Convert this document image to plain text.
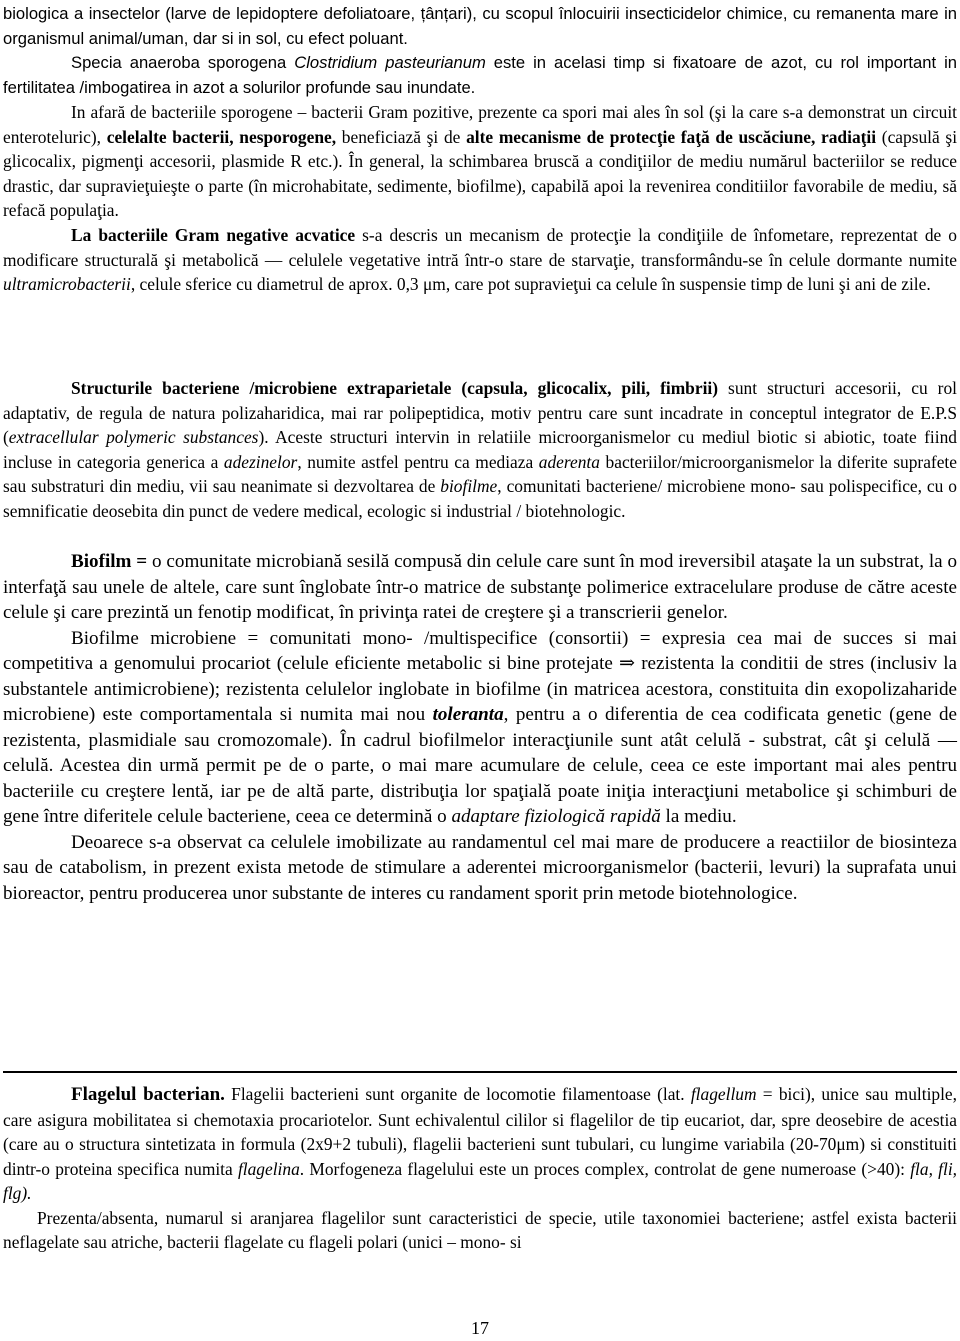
biologica a insectelor (larve de lepidoptere defoliatoare, țânțari), cu scopul înlocuirii insecticidelor chimice, cu remanenta mare in organismul animal/uman, dar si in sol, cu efect poluant.

Specia anaeroba sporogena Clostridium pasteurianum este in acelasi timp si fixatoare de azot, cu rol important in fertilitatea /imbogatirea in azot a solurilor profunde sau inundate.

In afară de bacteriile sporogene – bacterii Gram pozitive, prezente ca spori mai ales în sol (şi la care s-a demonstrat un circuit enteroteluric), celelalte bacterii, nesporogene, beneficiază şi de alte mecanisme de protecţie faţă de uscăciune, radiaţii (capsulă şi glicocalix, pigmenţi accesorii, plasmide R etc.). În general, la schimbarea bruscă a condiţiilor de mediu numărul bacteriilor se reduce drastic, dar supravieţuieşte o parte (în microhabitate, sedimente, biofilme), capabilă apoi la revenirea conditiilor favorabile de mediu, să refacă populaţia.

La bacteriile Gram negative acvatice s-a descris un mecanism de protecţie la condiţiile de înfometare, reprezentat de o modificare structurală şi metabolică — celulele vegetative intră într-o stare de starvaţie, transformându-se în celule dormante numite ultramicrobacterii, celule sferice cu diametrul de aprox. 0,3 μm, care pot supravieţui ca celule în suspensie timp de luni şi ani de zile.

Structurile bacteriene /microbiene extraparietale (capsula, glicocalix, pili, fimbrii) sunt structuri accesorii, cu rol adaptativ, de regula de natura polizaharidica, mai rar polipeptidica, motiv pentru care sunt incadrate in conceptul integrator de E.P.S (extracellular polymeric substances). Aceste structuri intervin in relatiile microorganismelor cu mediul biotic si abiotic, toate fiind incluse in categoria generica a adezinelor, numite astfel pentru ca mediaza aderenta bacteriilor/microorganismelor la diferite suprafete sau substraturi din mediu, vii sau neanimate si dezvoltarea de biofilme, comunitati bacteriene/ microbiene mono- sau polispecifice, cu o semnificatie deosebita din punct de vedere medical, ecologic si industrial / biotehnologic.

Biofilm = o comunitate microbiană sesilă compusă din celule care sunt în mod ireversibil ataşate la un substrat, la o interfaţă sau unele de altele, care sunt înglobate într-o matrice de substanţe polimerice extracelulare produse de către aceste celule şi care prezintă un fenotip modificat, în privinţa ratei de creştere şi a transcrierii genelor.

Biofilme microbiene = comunitati mono- /multispecifice (consortii) = expresia cea mai de succes si mai competitiva a genomului procariot (celule eficiente metabolic si bine protejate ⇒ rezistenta la conditii de stres (inclusiv la substantele antimicrobiene); rezistenta celulelor inglobate in biofilme (in matricea acestora, constituita din exopolizaharide microbiene) este comportamentala si numita mai nou toleranta, pentru a o diferentia de cea codificata genetic (gene de rezistenta, plasmidiale sau cromozomale). În cadrul biofilmelor interacţiunile sunt atât celulă - substrat, cât şi celulă — celulă. Acestea din urmă permit pe de o parte, o mai mare acumulare de celule, ceea ce este important mai ales pentru bacteriile cu creştere lentă, iar pe de altă parte, distribuţia lor spaţială poate iniţia interacţiuni metabolice şi schimburi de gene între diferitele celule bacteriene, ceea ce determină o adaptare fiziologică rapidă la mediu.

Deoarece s-a observat ca celulele imobilizate au randamentul cel mai mare de producere a reactiilor de biosinteza sau de catabolism, in prezent exista metode de stimulare a aderentei microorganismelor (bacterii, levuri) la suprafata unui bioreactor, pentru producerea unor substante de interes cu randament sporit prin metode biotehnologice.

Flagelul bacterian. Flagelii bacterieni sunt organite de locomotie filamentoase (lat. flagellum = bici), unice sau multiple, care asigura mobilitatea si chemotaxia procariotelor. Sunt echivalentul cililor si flagelilor de tip eucariot, dar, spre deosebire de acestia (care au o structura sintetizata in formula (2x9+2 tubuli), flagelii bacterieni sunt tubulari, cu lungime variabila (20-70μm) si constituiti dintr-o proteina specifica numita flagelina. Morfogeneza flagelului este un proces complex, controlat de gene numeroase (>40): fla, fli, flg).

Prezenta/absenta, numarul si aranjarea flagelilor sunt caracteristici de specie, utile taxonomiei bacteriene; astfel exista bacterii neflagelate sau atriche, bacterii flagelate cu flageli polari (unici – mono- si

17
